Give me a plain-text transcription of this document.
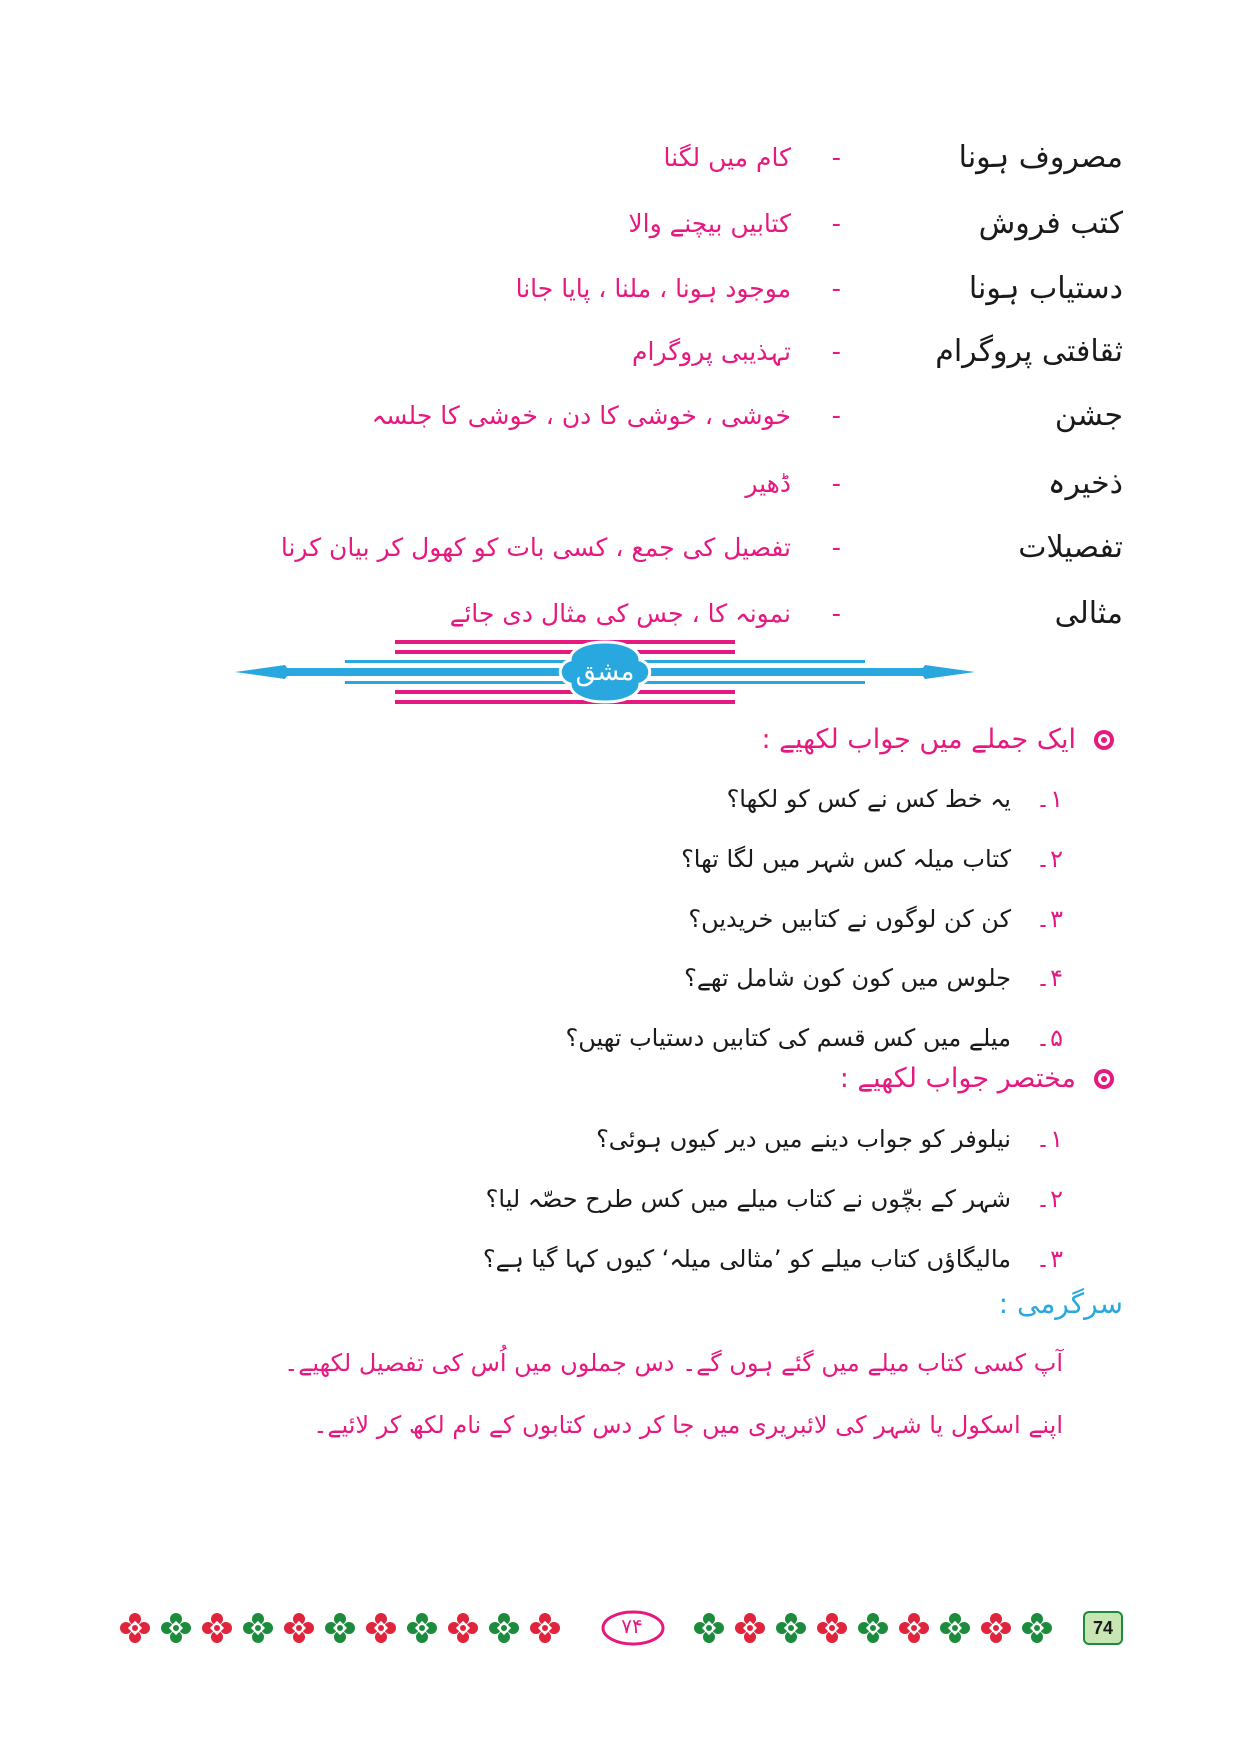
مصروف ہونا
-
کام میں لگنا
کتب فروش
-
کتابیں بیچنے والا
دستیاب ہونا
-
موجود ہونا ، ملنا ، پایا جانا
ثقافتی پروگرام
-
تہذیبی پروگرام
جشن
-
خوشی ، خوشی کا دن ، خوشی کا جلسہ
ذخیرہ
-
ڈھیر
تفصیلات
-
تفصیل کی جمع ، کسی بات کو کھول کر بیان کرنا
مثالی
-
نمونہ کا ، جس کی مثال دی جائے
مشق
ایک جملے میں جواب لکھیے :
۱۔
یہ خط کس نے کس کو لکھا؟
۲۔
کتاب میلہ کس شہر میں لگا تھا؟
۳۔
کن کن لوگوں نے کتابیں خریدیں؟
۴۔
جلوس میں کون کون شامل تھے؟
۵۔
میلے میں کس قسم کی کتابیں دستیاب تھیں؟
مختصر جواب لکھیے :
۱۔
نیلوفر کو جواب دینے میں دیر کیوں ہوئی؟
۲۔
شہر کے بچّوں نے کتاب میلے میں کس طرح حصّہ لیا؟
۳۔
مالیگاؤں کتاب میلے کو ’مثالی میلہ‘ کیوں کہا گیا ہے؟
سرگرمی :
آپ کسی کتاب میلے میں گئے ہوں گے۔ دس جملوں میں اُس کی تفصیل لکھیے۔
اپنے اسکول یا شہر کی لائبریری میں جا کر دس کتابوں کے نام لکھ کر لائیے۔
۷۴	74
